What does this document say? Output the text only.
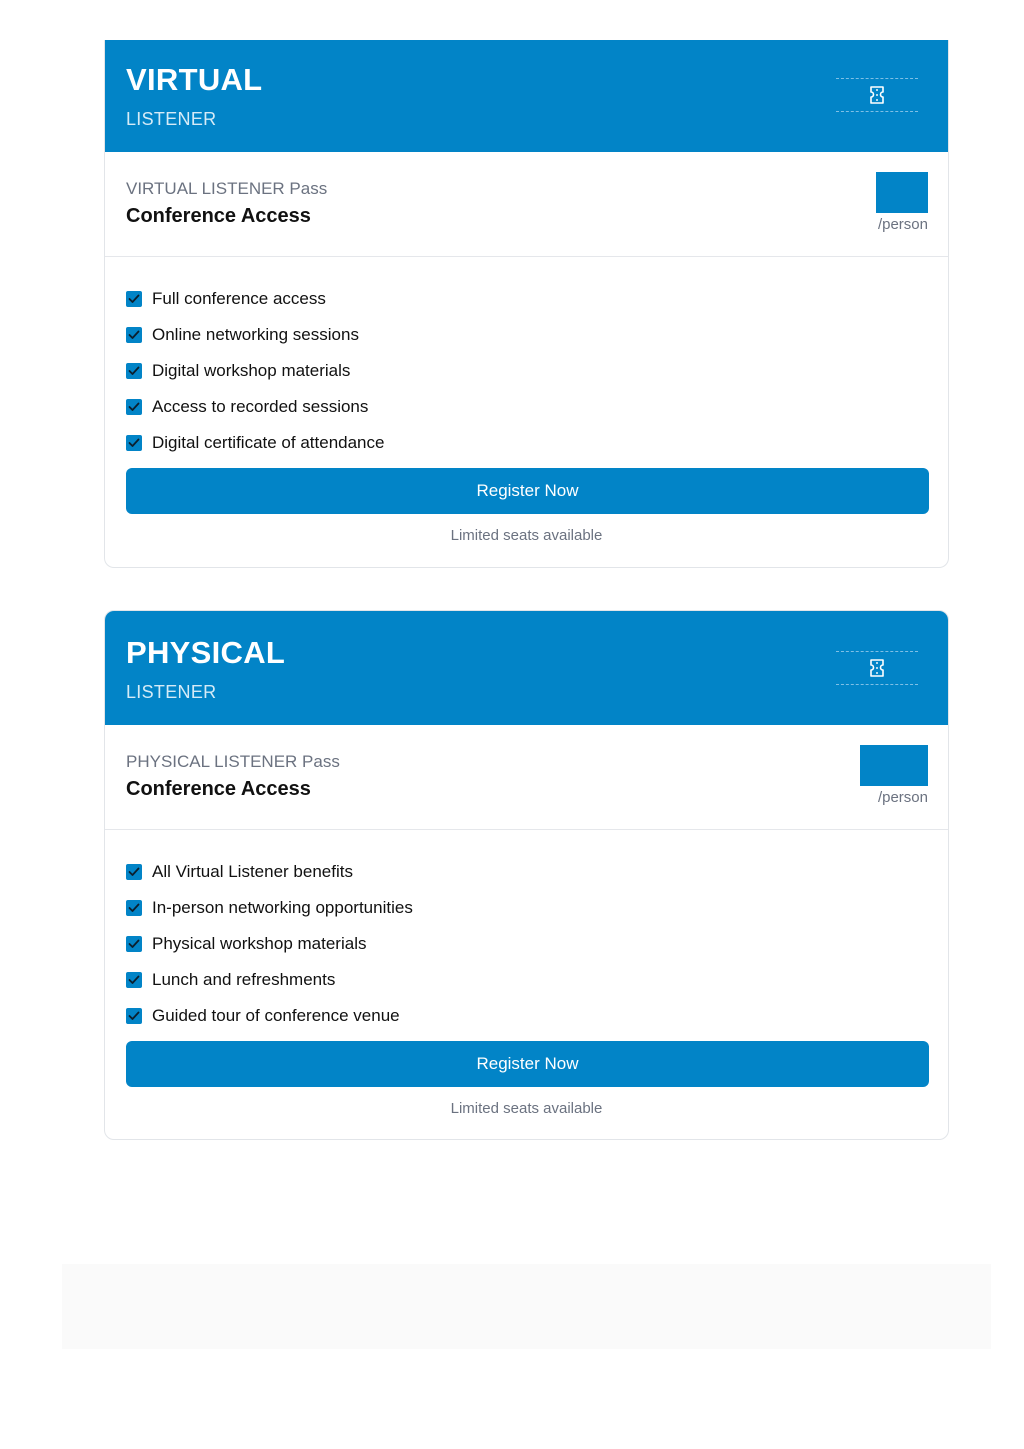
VIRTUAL
LISTENER
VIRTUAL LISTENER Pass
Conference Access	/person
Full conference access
Online networking sessions
Digital workshop materials
Access to recorded sessions
Digital certificate of attendance
Register Now
Limited seats available
PHYSICAL
LISTENER
PHYSICAL LISTENER Pass
Conference Access	/person
All Virtual Listener benefits
In-person networking opportunities
Physical workshop materials
Lunch and refreshments
Guided tour of conference venue
Register Now
Limited seats available
